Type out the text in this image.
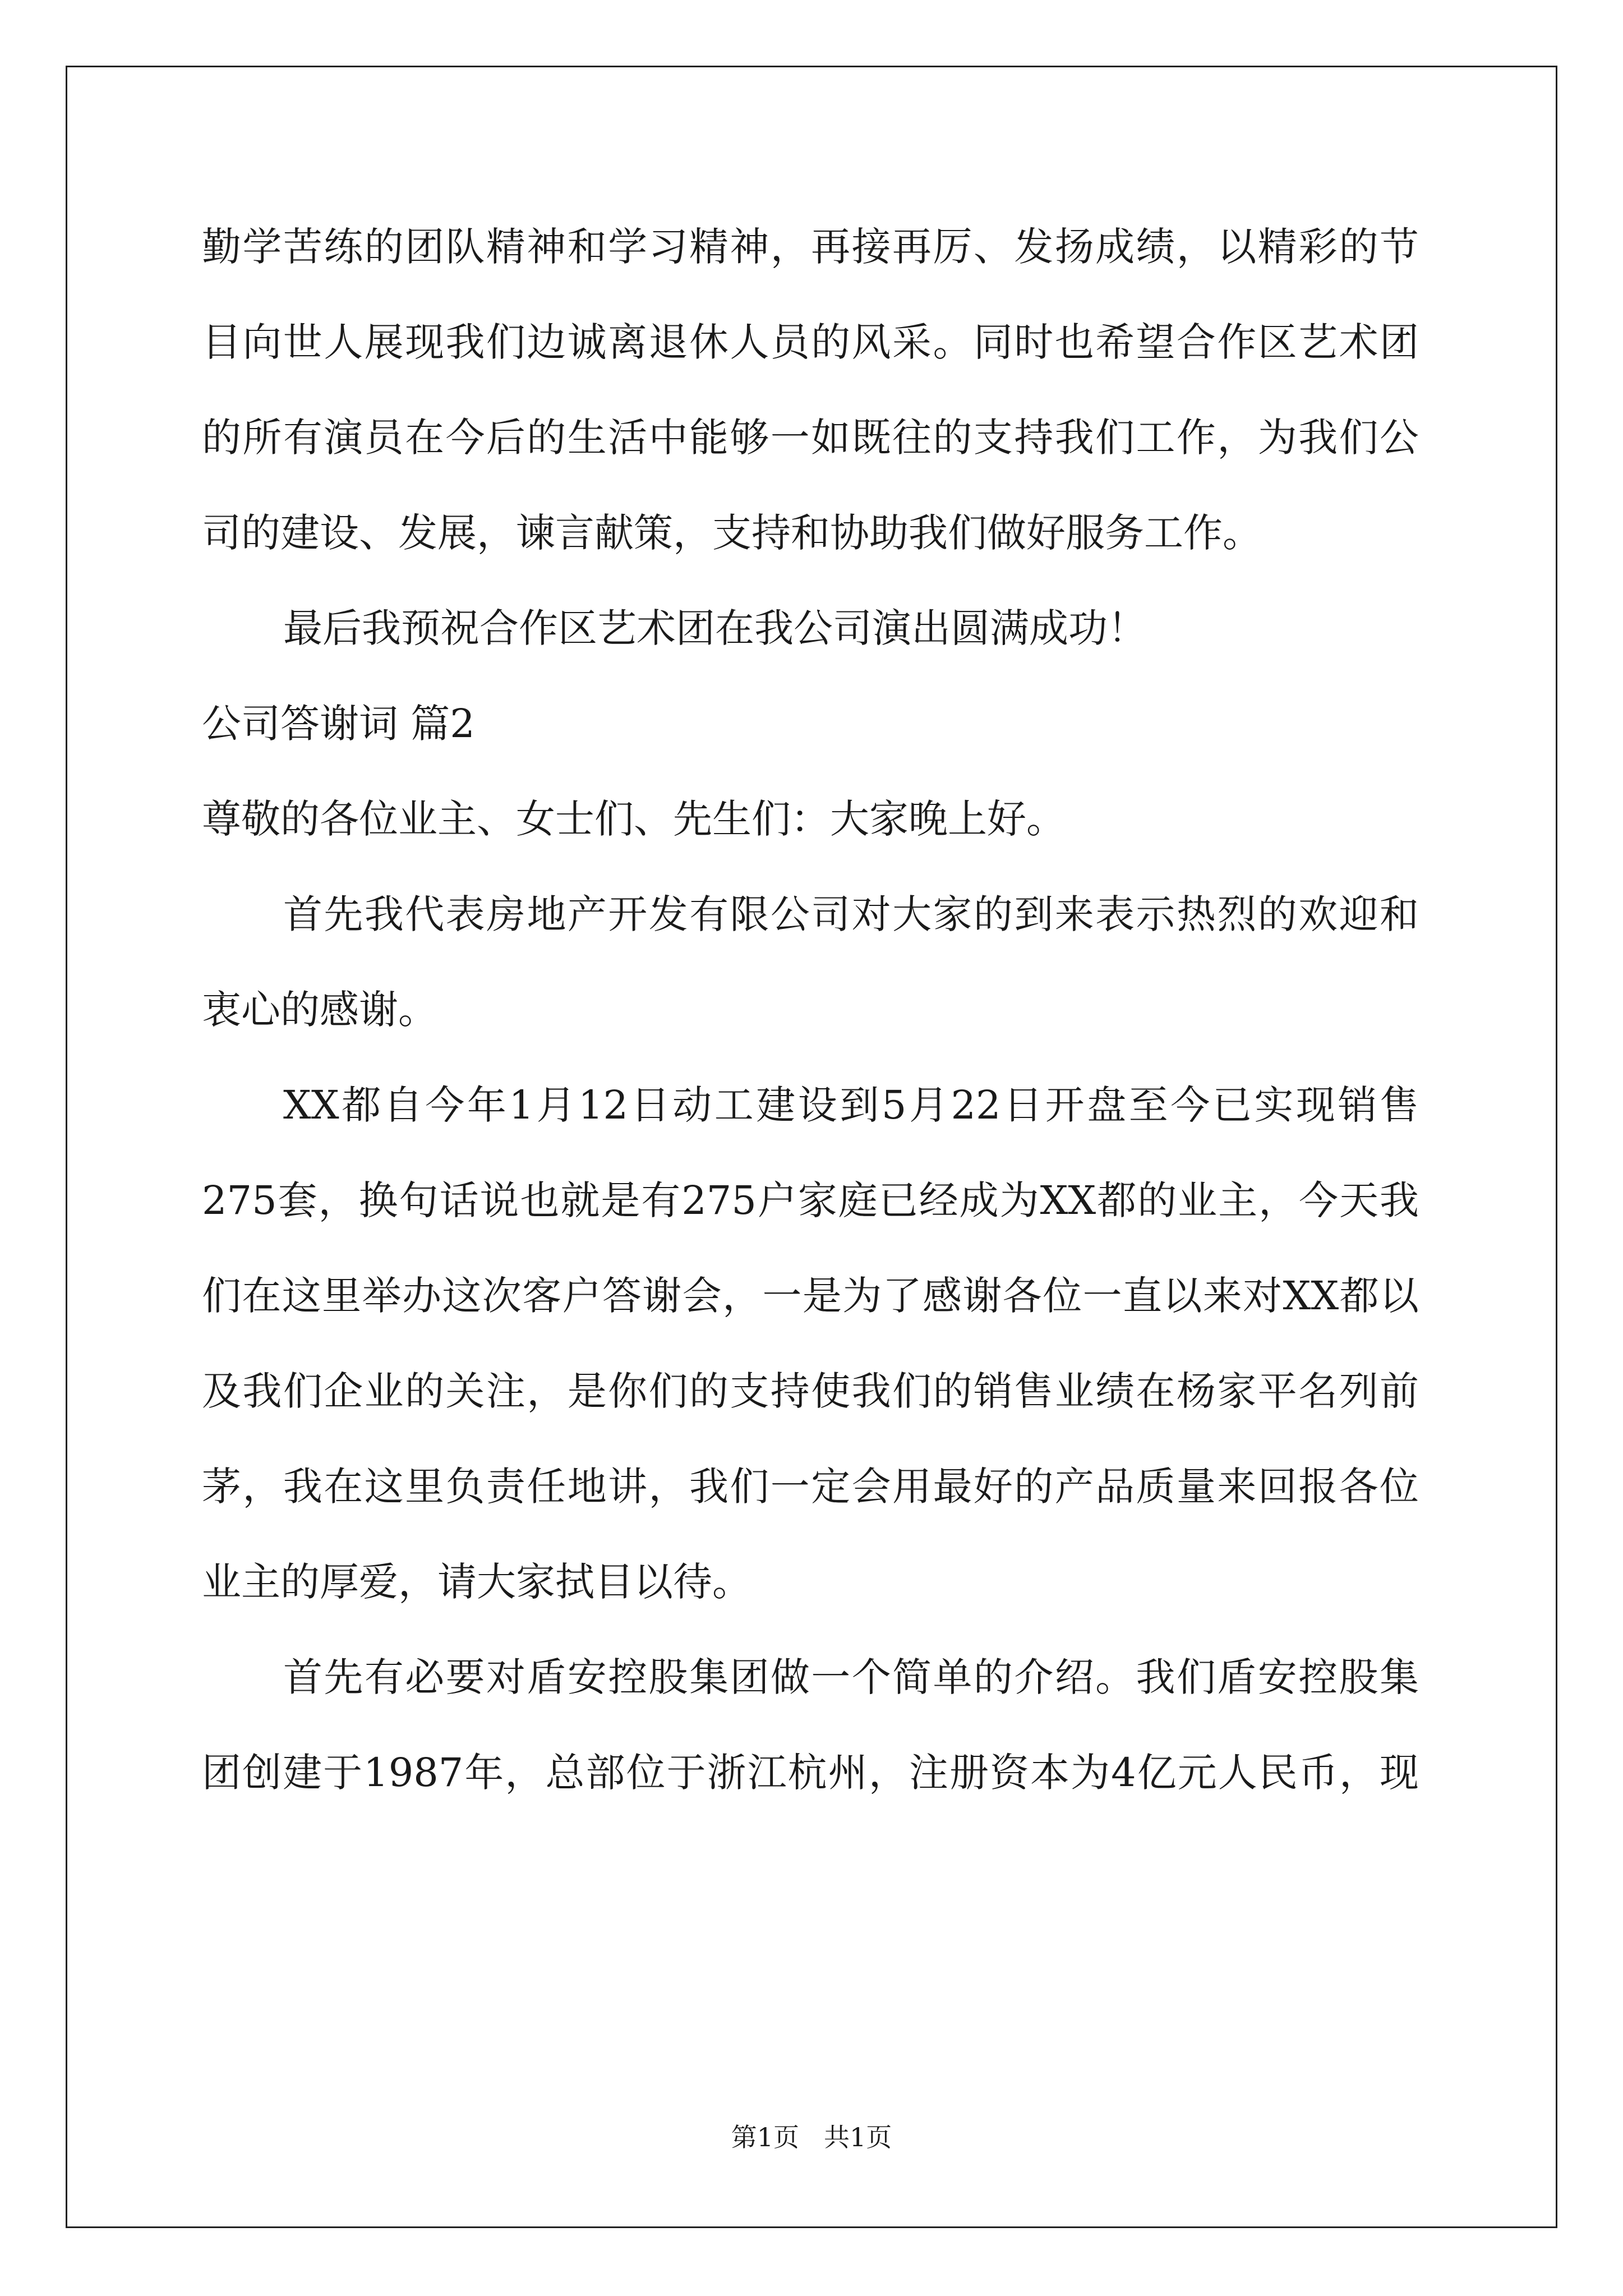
勤学苦练的团队精神和学习精神，再接再厉、发扬成绩，以精彩的节
目向世人展现我们边诚离退休人员的风采。同时也希望合作区艺术团
的所有演员在今后的生活中能够一如既往的支持我们工作，为我们公
司的建设、发展，谏言献策，支持和协助我们做好服务工作。
最后我预祝合作区艺术团在我公司演出圆满成功！
公司答谢词 篇2
尊敬的各位业主、女士们、先生们：大家晚上好。
首先我代表房地产开发有限公司对大家的到来表示热烈的欢迎和
衷心的感谢。
XX都自今年1月12日动工建设到5月22日开盘至今已实现销售
275套，换句话说也就是有275户家庭已经成为XX都的业主，今天我
们在这里举办这次客户答谢会，一是为了感谢各位一直以来对XX都以
及我们企业的关注，是你们的支持使我们的销售业绩在杨家平名列前
茅，我在这里负责任地讲，我们一定会用最好的产品质量来回报各位
业主的厚爱，请大家拭目以待。
首先有必要对盾安控股集团做一个简单的介绍。我们盾安控股集
团创建于1987年，总部位于浙江杭州，注册资本为4亿元人民币，现
第1页 共1页
